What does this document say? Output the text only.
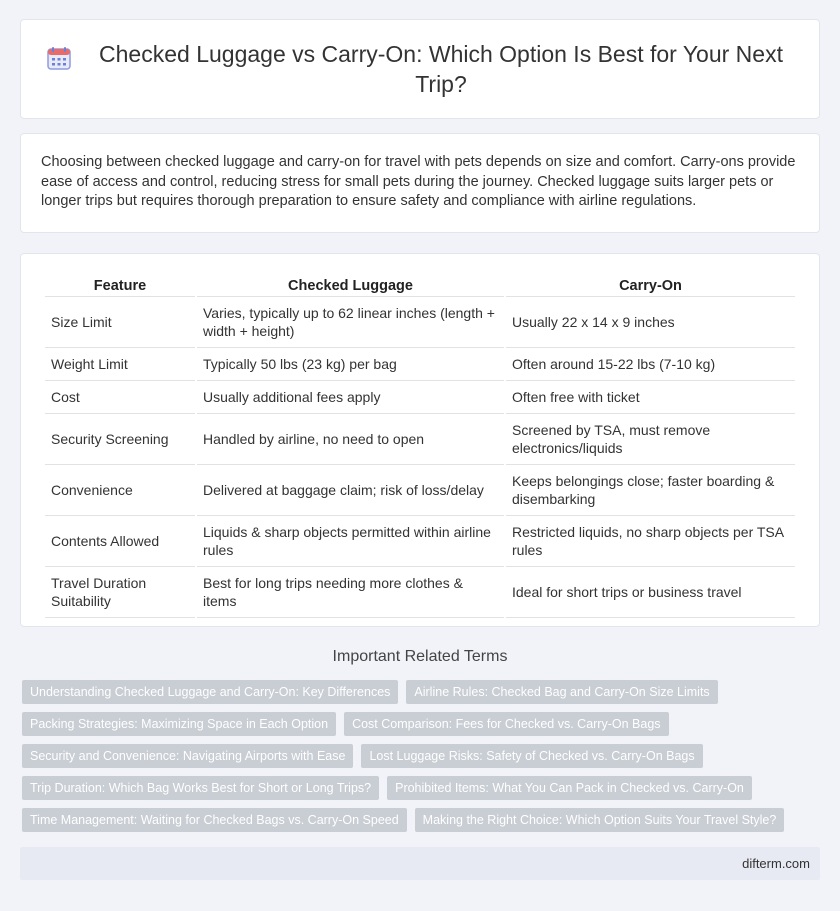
Checked Luggage vs Carry-On: Which Option Is Best for Your Next Trip?

Choosing between checked luggage and carry-on for travel with pets depends on size and comfort. Carry-ons provide ease of access and control, reducing stress for small pets during the journey. Checked luggage suits larger pets or longer trips but requires thorough preparation to ensure safety and compliance with airline regulations.

Feature	Checked Luggage	Carry-On
Size Limit	Varies, typically up to 62 linear inches (length + width + height)	Usually 22 x 14 x 9 inches
Weight Limit	Typically 50 lbs (23 kg) per bag	Often around 15-22 lbs (7-10 kg)
Cost	Usually additional fees apply	Often free with ticket
Security Screening	Handled by airline, no need to open	Screened by TSA, must remove electronics/liquids
Convenience	Delivered at baggage claim; risk of loss/delay	Keeps belongings close; faster boarding & disembarking
Contents Allowed	Liquids & sharp objects permitted within airline rules	Restricted liquids, no sharp objects per TSA rules
Travel Duration Suitability	Best for long trips needing more clothes & items	Ideal for short trips or business travel
Important Related Terms
Understanding Checked Luggage and Carry-On: Key Differences	Airline Rules: Checked Bag and Carry-On Size Limits
Packing Strategies: Maximizing Space in Each Option	Cost Comparison: Fees for Checked vs. Carry-On Bags
Security and Convenience: Navigating Airports with Ease	Lost Luggage Risks: Safety of Checked vs. Carry-On Bags
Trip Duration: Which Bag Works Best for Short or Long Trips?	Prohibited Items: What You Can Pack in Checked vs. Carry-On
Time Management: Waiting for Checked Bags vs. Carry-On Speed	Making the Right Choice: Which Option Suits Your Travel Style?
difterm.com
